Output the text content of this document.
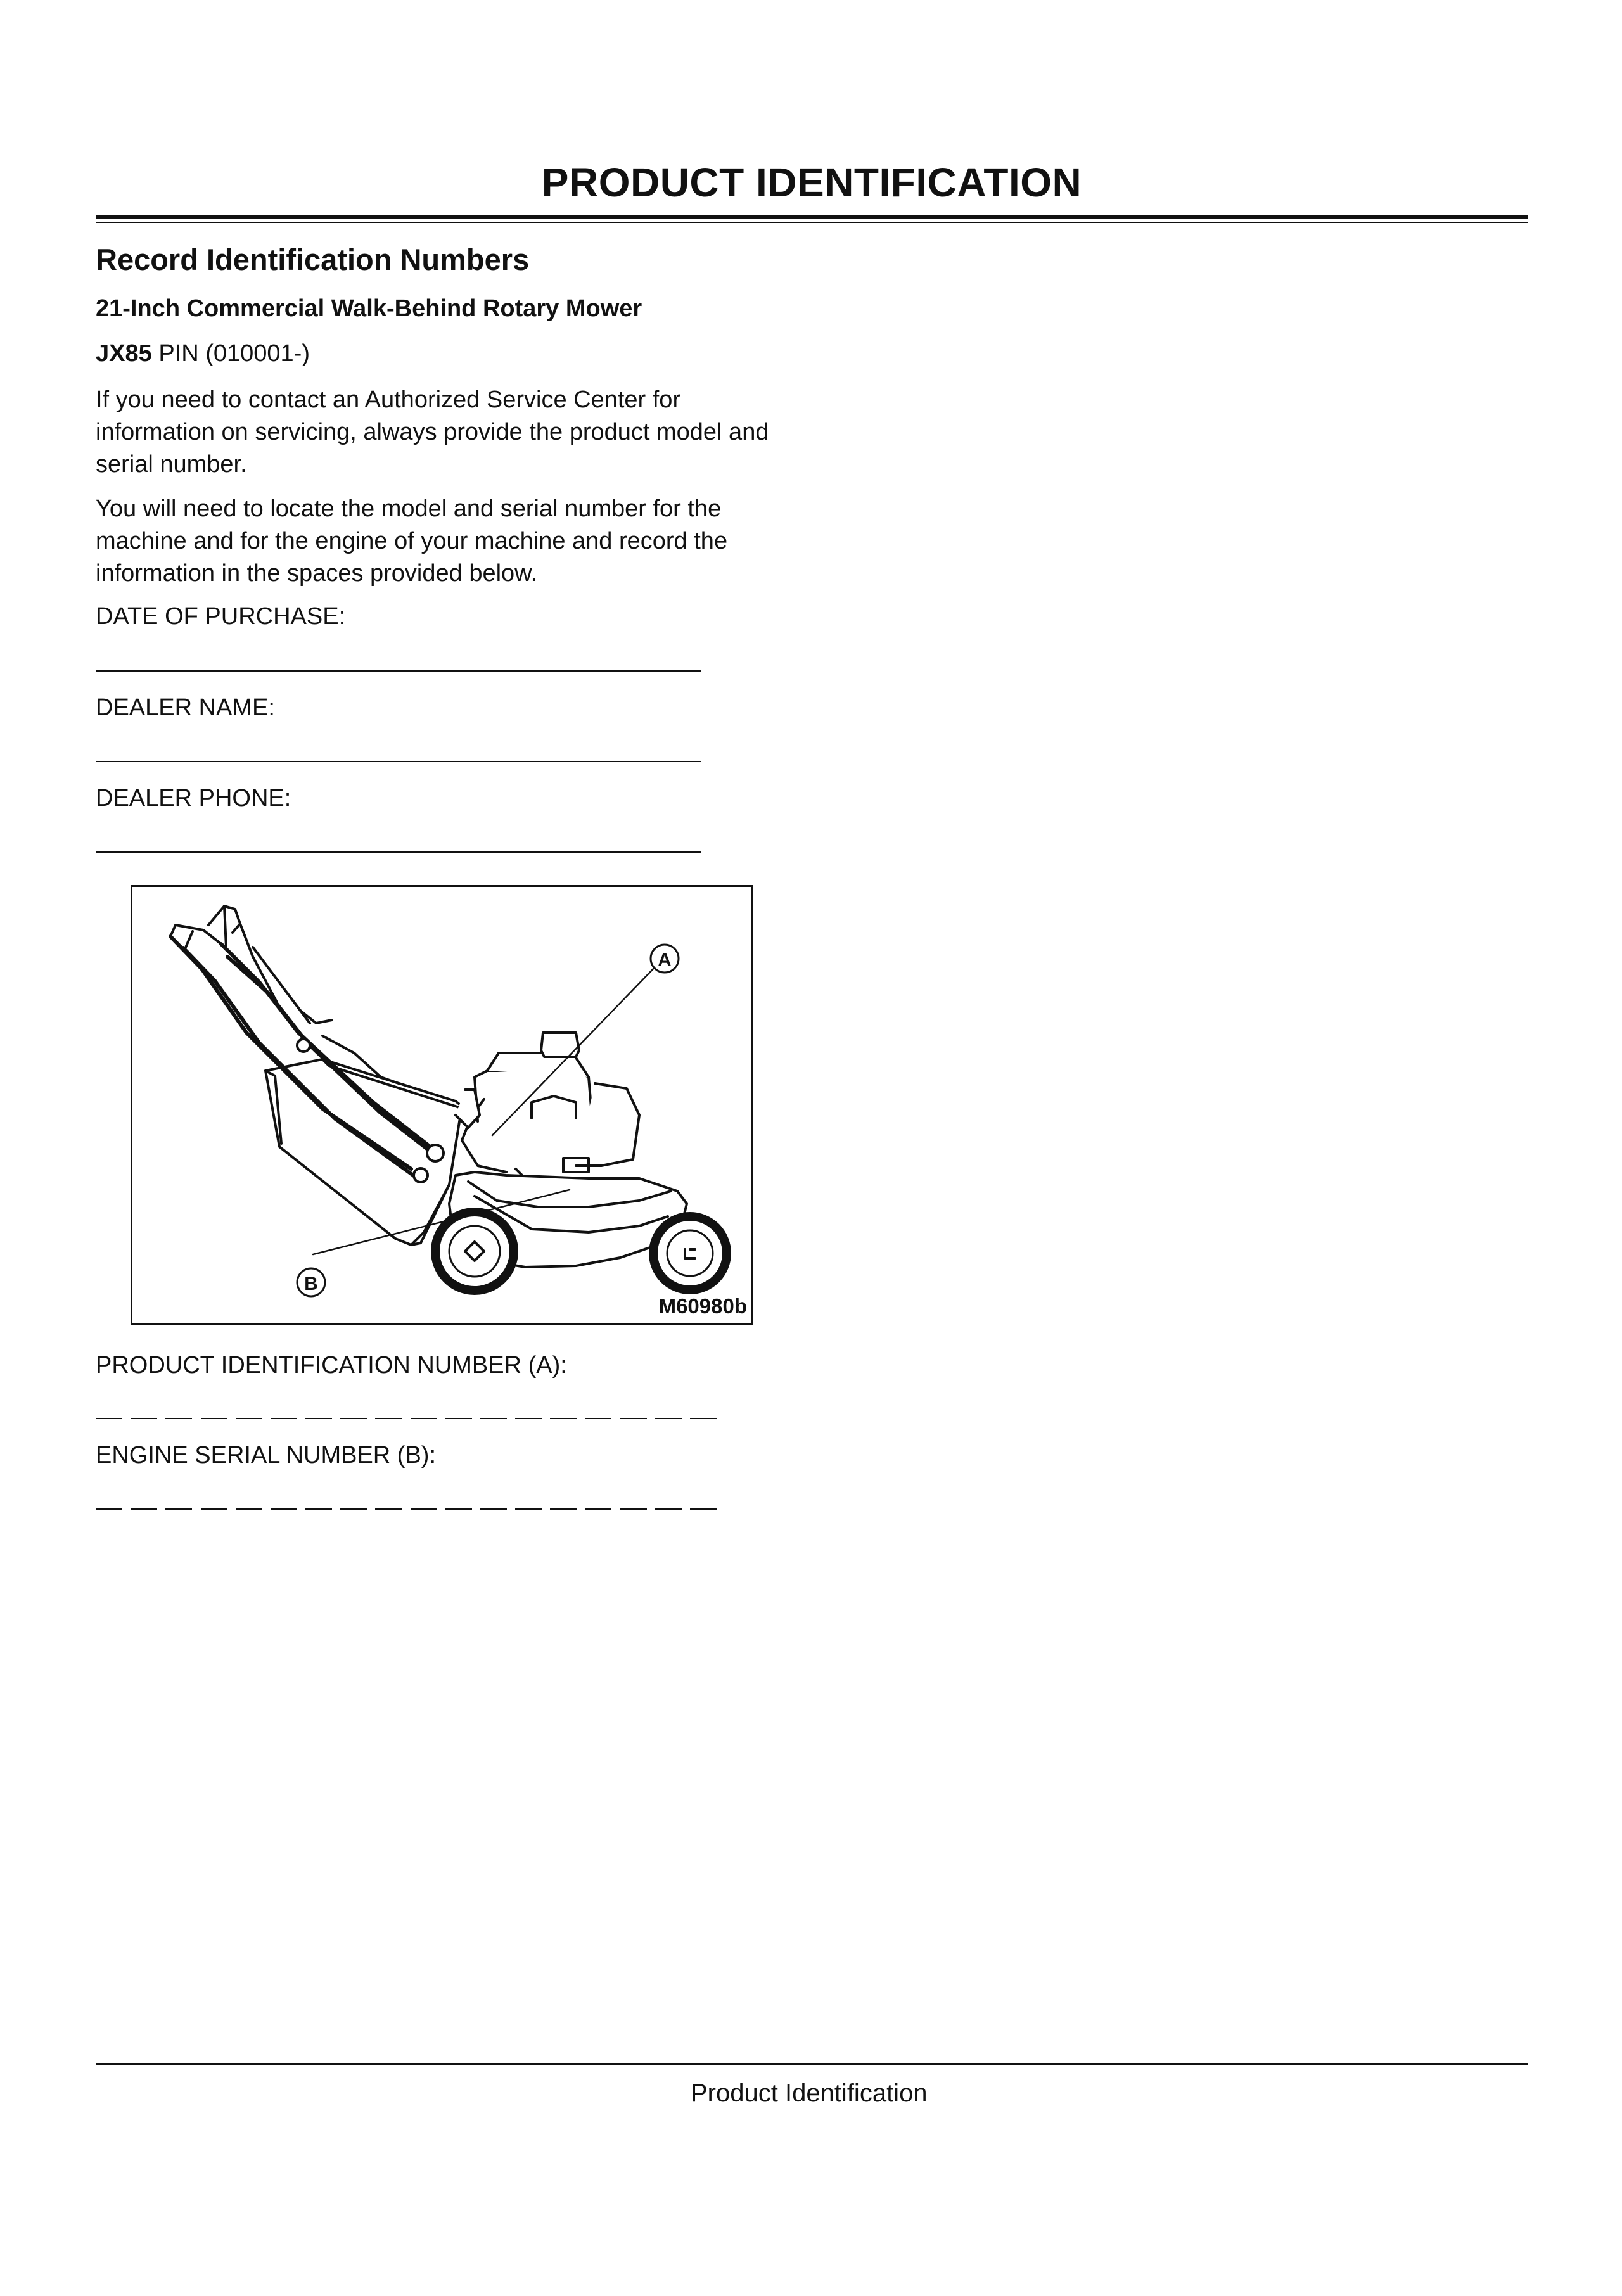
PRODUCT IDENTIFICATION
Record Identification Numbers
21-Inch Commercial Walk-Behind Rotary Mower
JX85 PIN (010001-)
If you need to contact an Authorized Service Center for information on servicing, always provide the product model and serial number.
You will need to locate the model and serial number for the machine and for the engine of your machine and record the information in the spaces provided below.
DATE OF PURCHASE:
DEALER NAME:
DEALER PHONE:
A
B
M60980b
PRODUCT IDENTIFICATION NUMBER (A):
ENGINE SERIAL NUMBER (B):
Product Identification
